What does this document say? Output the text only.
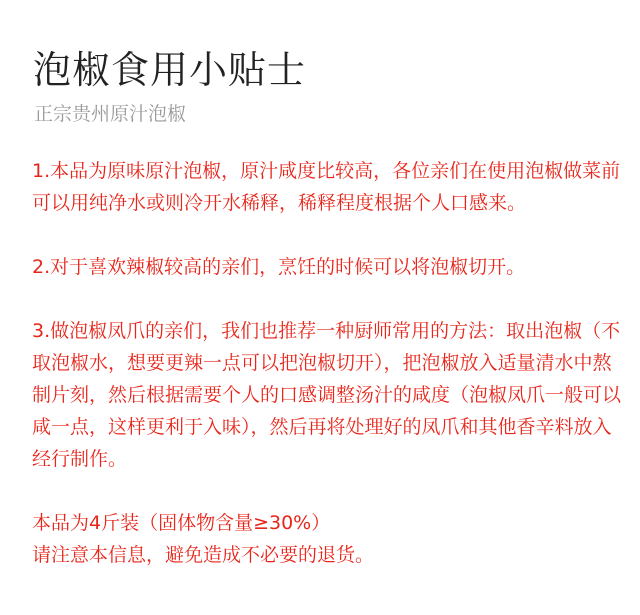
泡椒食用小贴士
正宗贵州原汁泡椒

1.本品为原味原汁泡椒，原汁咸度比较高，各位亲们在使用泡椒做菜前可以用纯净水或则冷开水稀释，稀释程度根据个人口感来。

2.对于喜欢辣椒较高的亲们，烹饪的时候可以将泡椒切开。

3.做泡椒凤爪的亲们，我们也推荐一种厨师常用的方法：取出泡椒（不取泡椒水，想要更辣一点可以把泡椒切开），把泡椒放入适量清水中熬制片刻，然后根据需要个人的口感调整汤汁的咸度（泡椒凤爪一般可以咸一点，这样更利于入味），然后再将处理好的凤爪和其他香辛料放入经行制作。

本品为4斤装（固体物含量≥30%）
请注意本信息，避免造成不必要的退货。
